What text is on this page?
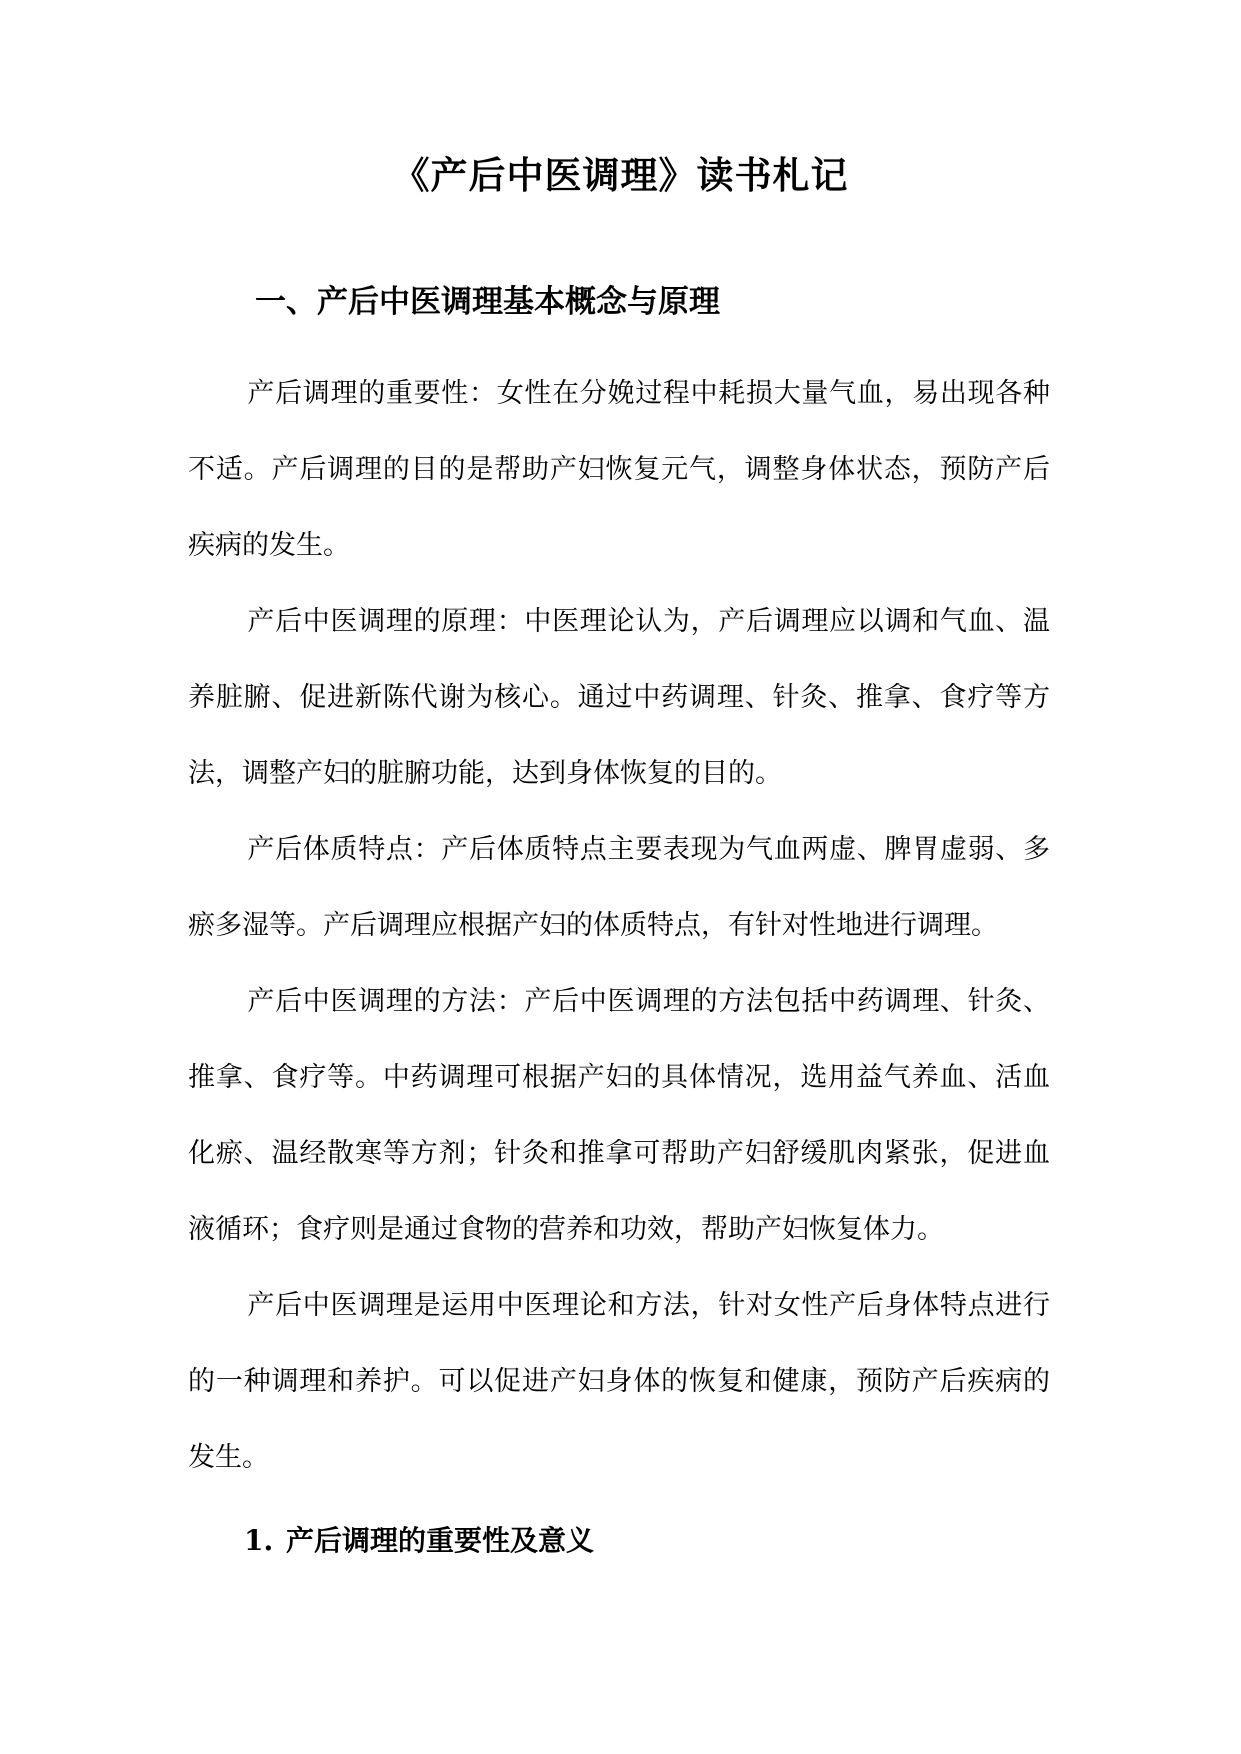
《产后中医调理》读书札记
一、产后中医调理基本概念与原理

产后调理的重要性：女性在分娩过程中耗损大量气血，易出现各种不适。产后调理的目的是帮助产妇恢复元气，调整身体状态，预防产后疾病的发生。

产后中医调理的原理：中医理论认为，产后调理应以调和气血、温养脏腑、促进新陈代谢为核心。通过中药调理、针灸、推拿、食疗等方法，调整产妇的脏腑功能，达到身体恢复的目的。

产后体质特点：产后体质特点主要表现为气血两虚、脾胃虚弱、多瘀多湿等。产后调理应根据产妇的体质特点，有针对性地进行调理。

产后中医调理的方法：产后中医调理的方法包括中药调理、针灸、推拿、食疗等。中药调理可根据产妇的具体情况，选用益气养血、活血化瘀、温经散寒等方剂；针灸和推拿可帮助产妇舒缓肌肉紧张，促进血液循环；食疗则是通过食物的营养和功效，帮助产妇恢复体力。

产后中医调理是运用中医理论和方法，针对女性产后身体特点进行的一种调理和养护。可以促进产妇身体的恢复和健康，预防产后疾病的发生。

1. 产后调理的重要性及意义
